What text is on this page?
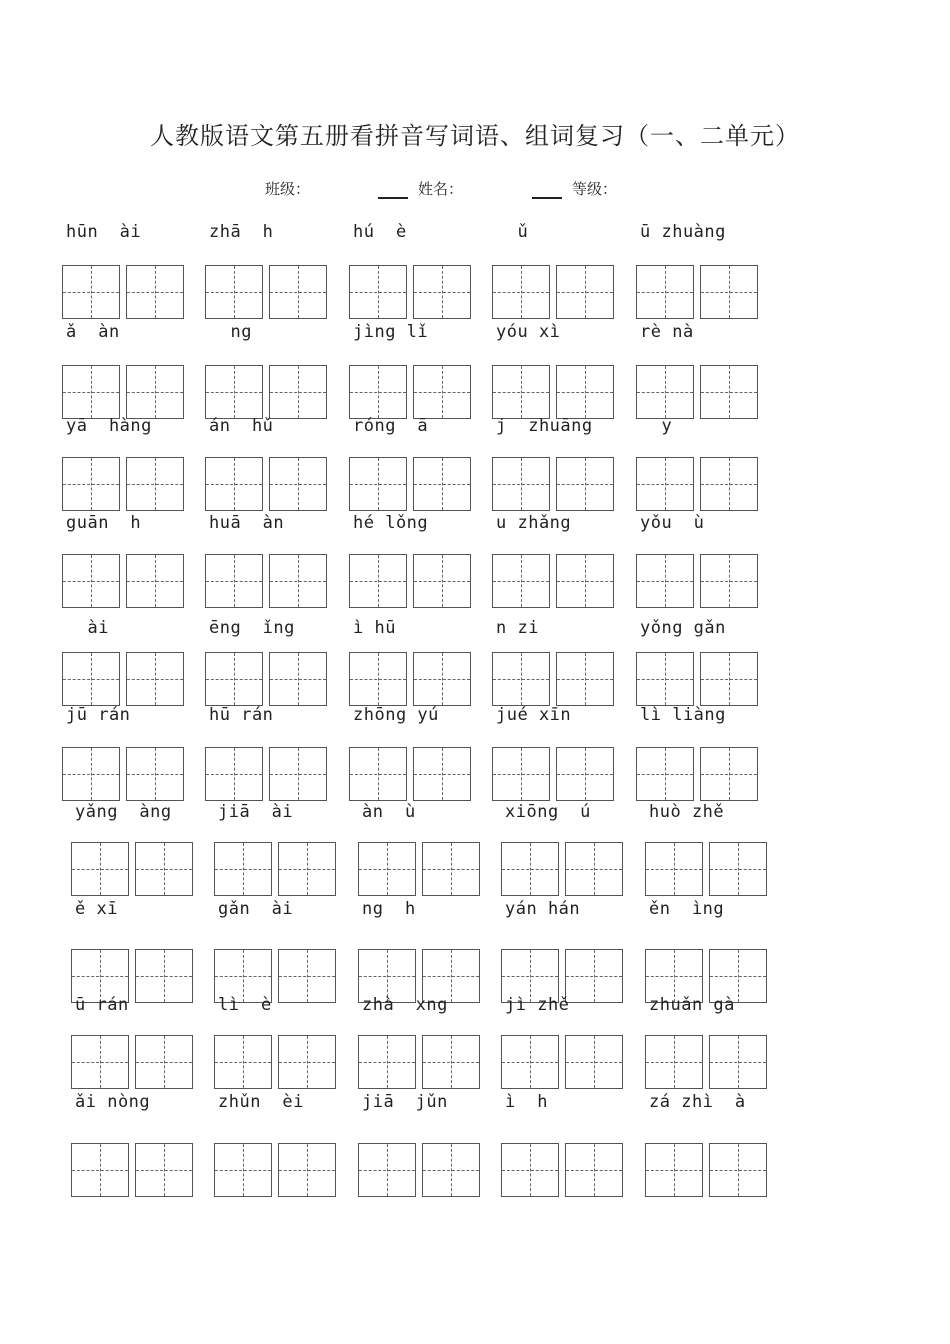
人教版语文第五册看拼音写词语、组词复习（一、二单元）
班级：	姓名：	等级：
hūn  ài	zhā  h	hú  è	ǔ	ū zhuàng
ǎ  àn	ng	jìng lǐ	yóu xì	rè nà
yā  hàng	án  hǔ	róng  ā	j  zhuāng	y
guān  h	huā  àn	hé lǒng	u zhǎng	yǒu  ù
ài	ēng  ǐng	ì hū	n zi	yǒng gǎn
jū rán	hū rán	zhōng yú	jué xīn	lì liàng
yǎng  àng	jiā  ài	àn  ù	xiōng  ú	huò zhě
ě xī	gǎn  ài	ng  h	yán hán	ěn  ìng
ū rán	lì  è	zhà  xng	jì zhě	zhuǎn gà
ǎi nòng	zhǔn  èi	jiā  jǔn	ì  h	zá zhì  à
